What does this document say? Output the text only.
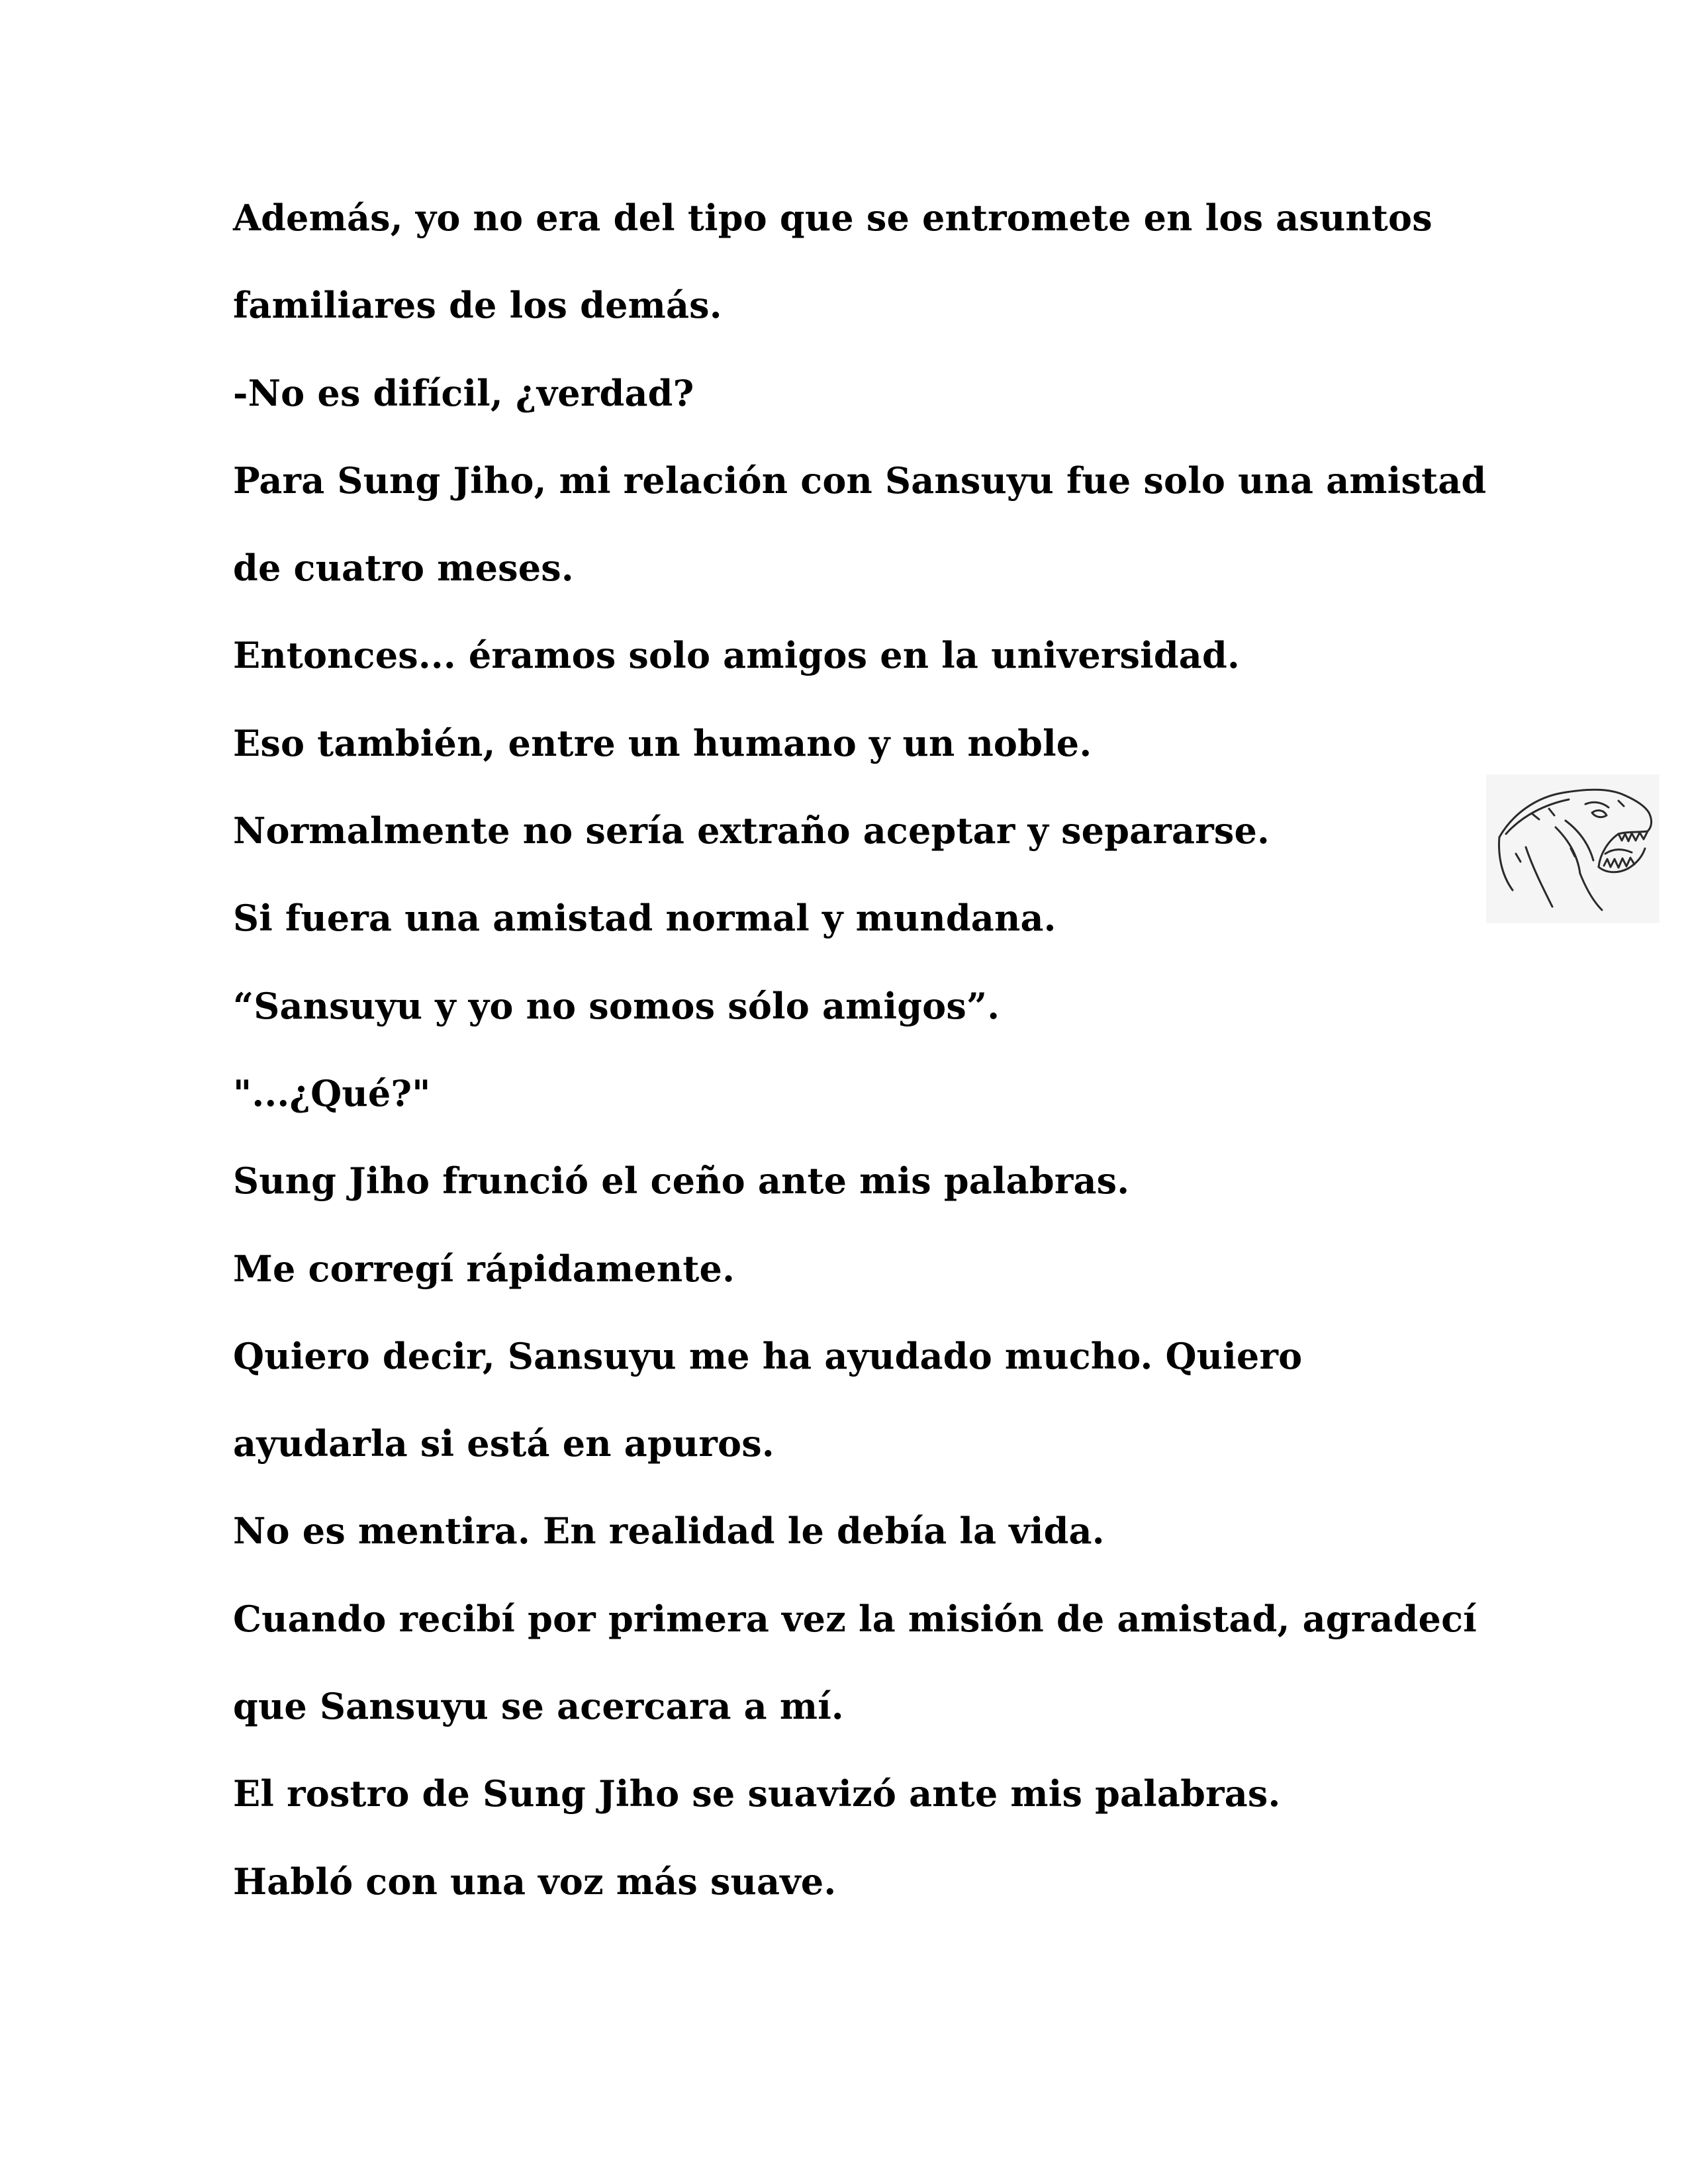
Además, yo no era del tipo que se entromete en los asuntos
familiares de los demás.
-No es difícil, ¿verdad?
Para Sung Jiho, mi relación con Sansuyu fue solo una amistad
de cuatro meses.
Entonces... éramos solo amigos en la universidad.
Eso también, entre un humano y un noble.
Normalmente no sería extraño aceptar y separarse.
Si fuera una amistad normal y mundana.
“Sansuyu y yo no somos sólo amigos”.
"...¿Qué?"
Sung Jiho frunció el ceño ante mis palabras.
Me corregí rápidamente.
Quiero decir, Sansuyu me ha ayudado mucho. Quiero
ayudarla si está en apuros.
No es mentira. En realidad le debía la vida.
Cuando recibí por primera vez la misión de amistad, agradecí
que Sansuyu se acercara a mí.
El rostro de Sung Jiho se suavizó ante mis palabras.
Habló con una voz más suave.
